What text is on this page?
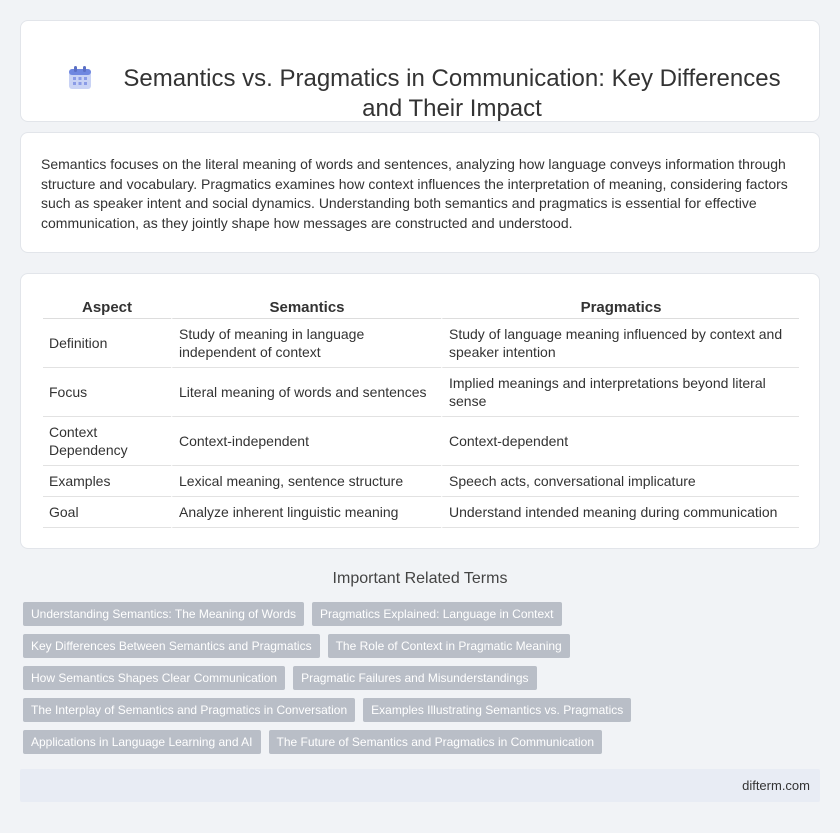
Semantics vs. Pragmatics in Communication: Key Differences and Their Impact

Semantics focuses on the literal meaning of words and sentences, analyzing how language conveys information through structure and vocabulary. Pragmatics examines how context influences the interpretation of meaning, considering factors such as speaker intent and social dynamics. Understanding both semantics and pragmatics is essential for effective communication, as they jointly shape how messages are constructed and understood.

Aspect	Semantics	Pragmatics
Definition	Study of meaning in language independent of context	Study of language meaning influenced by context and speaker intention
Focus	Literal meaning of words and sentences	Implied meanings and interpretations beyond literal sense
Context Dependency	Context-independent	Context-dependent
Examples	Lexical meaning, sentence structure	Speech acts, conversational implicature
Goal	Analyze inherent linguistic meaning	Understand intended meaning during communication
Important Related Terms
Understanding Semantics: The Meaning of Words	Pragmatics Explained: Language in Context
Key Differences Between Semantics and Pragmatics	The Role of Context in Pragmatic Meaning
How Semantics Shapes Clear Communication	Pragmatic Failures and Misunderstandings
The Interplay of Semantics and Pragmatics in Conversation	Examples Illustrating Semantics vs. Pragmatics
Applications in Language Learning and AI	The Future of Semantics and Pragmatics in Communication
difterm.com
